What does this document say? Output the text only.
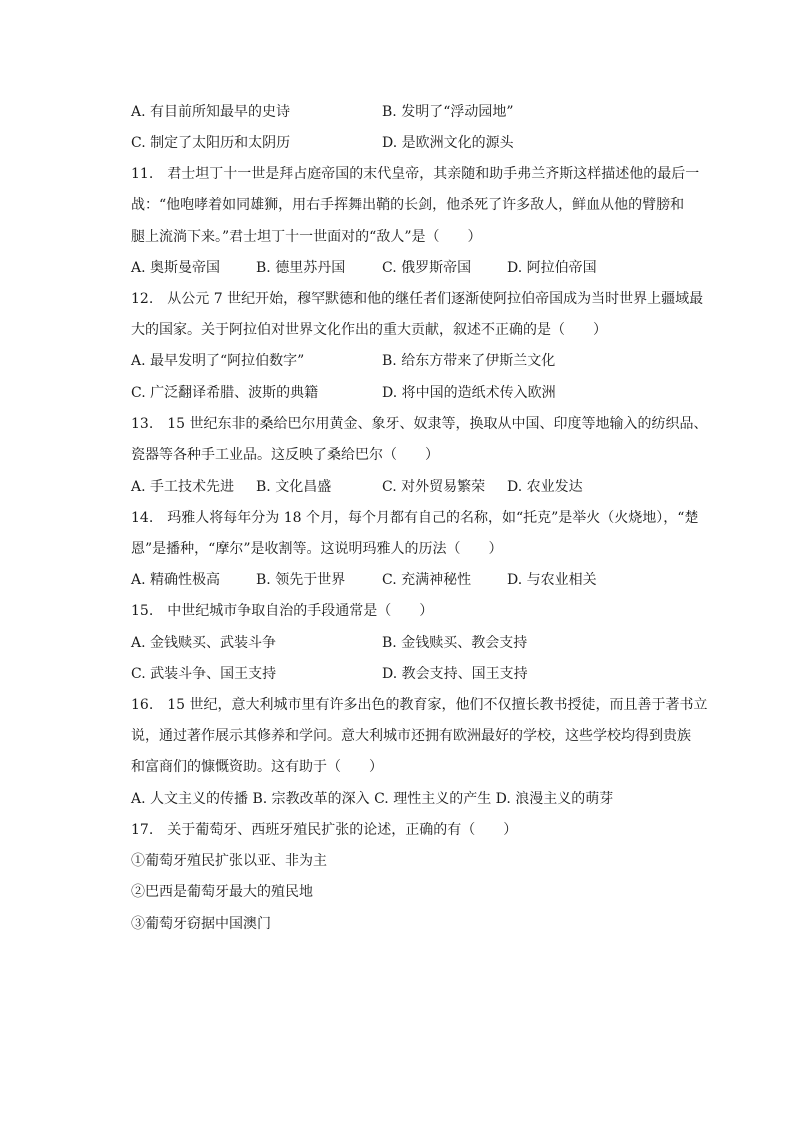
A. 有目前所知最早的史诗	B. 发明了“浮动园地”
C. 制定了太阳历和太阴历	D. 是欧洲文化的源头
11.　君士坦丁十一世是拜占庭帝国的末代皇帝，其亲随和助手弗兰齐斯这样描述他的最后一
战：“他咆哮着如同雄狮，用右手挥舞出鞘的长剑，他杀死了许多敌人，鲜血从他的臂膀和
腿上流淌下来。”君士坦丁十一世面对的“敌人”是（　　）
A. 奥斯曼帝国	B. 德里苏丹国	C. 俄罗斯帝国	D. 阿拉伯帝国
12.　从公元 7 世纪开始，穆罕默德和他的继任者们逐渐使阿拉伯帝国成为当时世界上疆域最
大的国家。关于阿拉伯对世界文化作出的重大贡献，叙述不正确的是（　　）
A. 最早发明了“阿拉伯数字”	B. 给东方带来了伊斯兰文化
C. 广泛翻译希腊、波斯的典籍	D. 将中国的造纸术传入欧洲
13.　15 世纪东非的桑给巴尔用黄金、象牙、奴隶等，换取从中国、印度等地输入的纺织品、
瓷器等各种手工业品。这反映了桑给巴尔（　　）
A. 手工技术先进 B. 文化昌盛	C. 对外贸易繁荣 D. 农业发达
14.　玛雅人将每年分为 18 个月，每个月都有自己的名称，如“托克”是举火（火烧地），“楚
恩”是播种，“摩尔”是收割等。这说明玛雅人的历法（　　）
A. 精确性极高	B. 领先于世界	C. 充满神秘性	D. 与农业相关
15.　中世纪城市争取自治的手段通常是（　　）
A. 金钱赎买、武装斗争	B. 金钱赎买、教会支持
C. 武装斗争、国王支持	D. 教会支持、国王支持
16.　15 世纪，意大利城市里有许多出色的教育家，他们不仅擅长教书授徒，而且善于著书立
说，通过著作展示其修养和学问。意大利城市还拥有欧洲最好的学校，这些学校均得到贵族
和富商们的慷慨资助。这有助于（　　）
A. 人文主义的传播 B. 宗教改革的深入 C. 理性主义的产生 D. 浪漫主义的萌芽
17.　关于葡萄牙、西班牙殖民扩张的论述，正确的有（　　）
①葡萄牙殖民扩张以亚、非为主
②巴西是葡萄牙最大的殖民地
③葡萄牙窃据中国澳门
